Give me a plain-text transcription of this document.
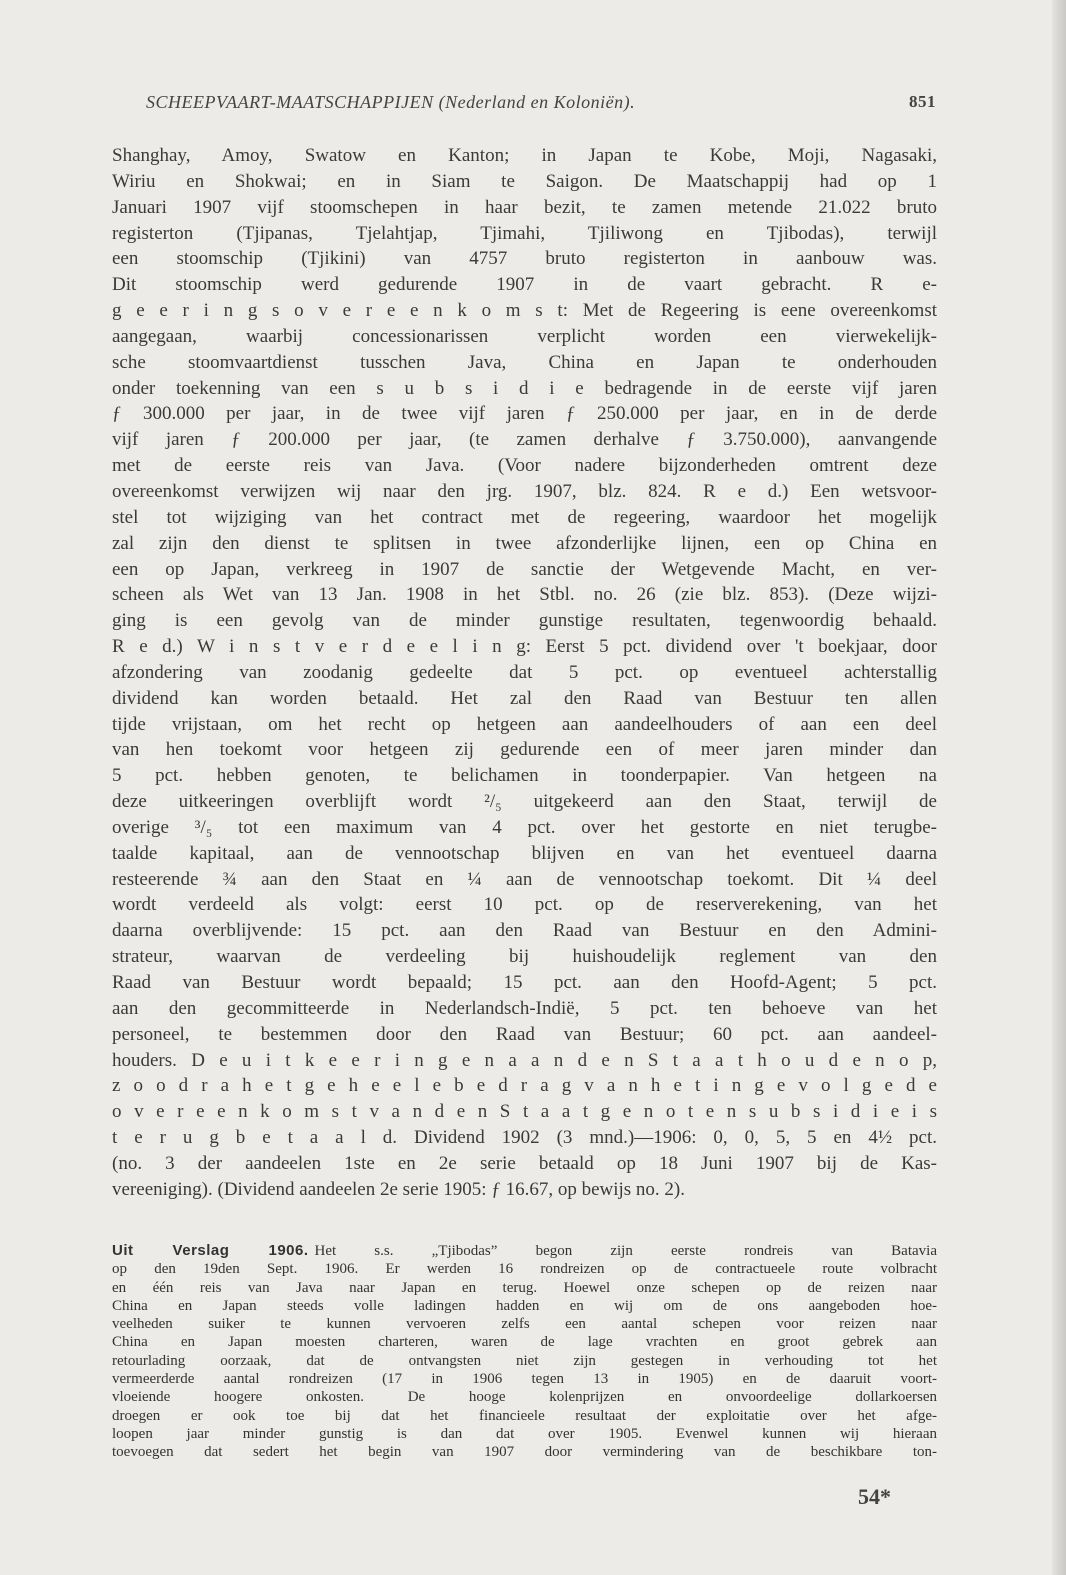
SCHEEPVAART-MAATSCHAPPIJEN (Nederland en Koloniën).	851
Shanghay, Amoy, Swatow en Kanton; in Japan te Kobe, Moji, Nagasaki,
Wiriu en Shokwai; en in Siam te Saigon. De Maatschappij had op 1
Januari 1907 vijf stoomschepen in haar bezit, te zamen metende 21.022 bruto
registerton (Tjipanas, Tjelahtjap, Tjimahi, Tjiliwong en Tjibodas), terwijl
een stoomschip (Tjikini) van 4757 bruto registerton in aanbouw was.
Dit stoomschip werd gedurende 1907 in de vaart gebracht. R e-
g e e r i n g s o v e r e e n k o m s t: Met de Regeering is eene overeenkomst
aangegaan, waarbij concessionarissen verplicht worden een vierwekelijk-
sche stoomvaartdienst tusschen Java, China en Japan te onderhouden
onder toekenning van een s u b s i d i e bedragende in de eerste vijf jaren
ƒ 300.000 per jaar, in de twee vijf jaren ƒ 250.000 per jaar, en in de derde
vijf jaren ƒ 200.000 per jaar, (te zamen derhalve ƒ 3.750.000), aanvangende
met de eerste reis van Java. (Voor nadere bijzonderheden omtrent deze
overeenkomst verwijzen wij naar den jrg. 1907, blz. 824. R e d.) Een wetsvoor-
stel tot wijziging van het contract met de regeering, waardoor het mogelijk
zal zijn den dienst te splitsen in twee afzonderlijke lijnen, een op China en
een op Japan, verkreeg in 1907 de sanctie der Wetgevende Macht, en ver-
scheen als Wet van 13 Jan. 1908 in het Stbl. no. 26 (zie blz. 853). (Deze wijzi-
ging is een gevolg van de minder gunstige resultaten, tegenwoordig behaald.
R e d.) W i n s t v e r d e e l i n g: Eerst 5 pct. dividend over 't boekjaar, door
afzondering van zoodanig gedeelte dat 5 pct. op eventueel achterstallig
dividend kan worden betaald. Het zal den Raad van Bestuur ten allen
tijde vrijstaan, om het recht op hetgeen aan aandeelhouders of aan een deel
van hen toekomt voor hetgeen zij gedurende een of meer jaren minder dan
5 pct. hebben genoten, te belichamen in toonderpapier. Van hetgeen na
deze uitkeeringen overblijft wordt ²/₅ uitgekeerd aan den Staat, terwijl de
overige ³/₅ tot een maximum van 4 pct. over het gestorte en niet terugbe-
taalde kapitaal, aan de vennootschap blijven en van het eventueel daarna
resteerende ¾ aan den Staat en ¼ aan de vennootschap toekomt. Dit ¼ deel
wordt verdeeld als volgt: eerst 10 pct. op de reserverekening, van het
daarna overblijvende: 15 pct. aan den Raad van Bestuur en den Admini-
strateur, waarvan de verdeeling bij huishoudelijk reglement van den
Raad van Bestuur wordt bepaald; 15 pct. aan den Hoofd-Agent; 5 pct.
aan den gecommitteerde in Nederlandsch-Indië, 5 pct. ten behoeve van het
personeel, te bestemmen door den Raad van Bestuur; 60 pct. aan aandeel-
houders. D e u i t k e e r i n g e n a a n d e n S t a a t h o u d e n o p,
z o o d r a h e t g e h e e l e b e d r a g v a n h e t i n g e v o l g e d e
o v e r e e n k o m s t v a n d e n S t a a t g e n o t e n s u b s i d i e i s
t e r u g b e t a a l d. Dividend 1902 (3 mnd.)—1906: 0, 0, 5, 5 en 4½ pct.
(no. 3 der aandeelen 1ste en 2e serie betaald op 18 Juni 1907 bij de Kas-
vereeniging). (Dividend aandeelen 2e serie 1905: ƒ 16.67, op bewijs no. 2).
Uit Verslag 1906. Het s.s. „Tjibodas” begon zijn eerste rondreis van Batavia
op den 19den Sept. 1906. Er werden 16 rondreizen op de contractueele route volbracht
en één reis van Java naar Japan en terug. Hoewel onze schepen op de reizen naar
China en Japan steeds volle ladingen hadden en wij om de ons aangeboden hoe-
veelheden suiker te kunnen vervoeren zelfs een aantal schepen voor reizen naar
China en Japan moesten charteren, waren de lage vrachten en groot gebrek aan
retourlading oorzaak, dat de ontvangsten niet zijn gestegen in verhouding tot het
vermeerderde aantal rondreizen (17 in 1906 tegen 13 in 1905) en de daaruit voort-
vloeiende hoogere onkosten. De hooge kolenprijzen en onvoordeelige dollarkoersen
droegen er ook toe bij dat het financieele resultaat der exploitatie over het afge-
loopen jaar minder gunstig is dan dat over 1905. Evenwel kunnen wij hieraan
toevoegen dat sedert het begin van 1907 door vermindering van de beschikbare ton-
54*
